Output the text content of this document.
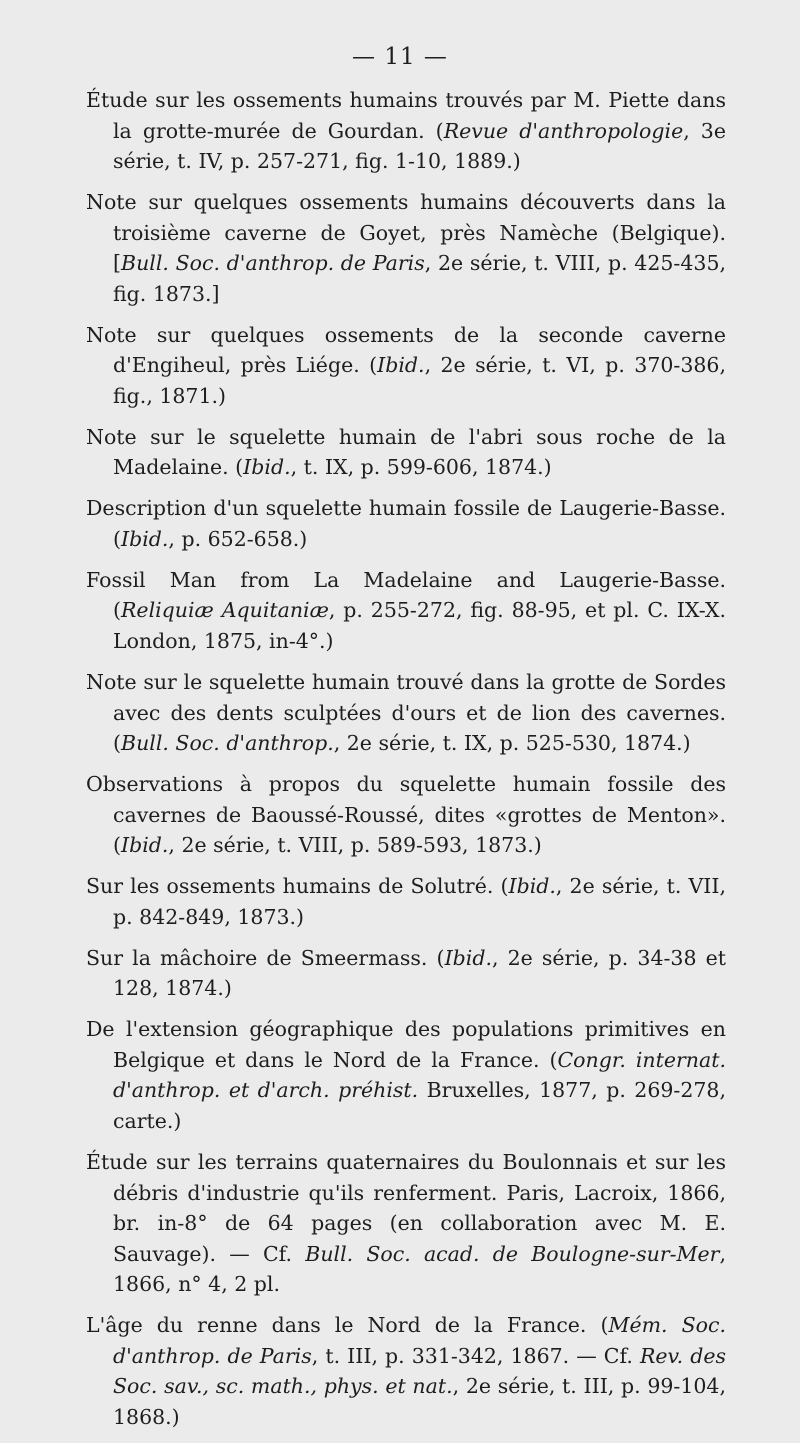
— 11 —

Étude sur les ossements humains trouvés par M. Piette dans la grotte-murée de Gourdan. (Revue d'anthropologie, 3e série, t. IV, p. 257-271, fig. 1-10, 1889.)

Note sur quelques ossements humains découverts dans la troisième caverne de Goyet, près Namèche (Belgique). [Bull. Soc. d'anthrop. de Paris, 2e série, t. VIII, p. 425-435, fig. 1873.]

Note sur quelques ossements de la seconde caverne d'Engiheul, près Liége. (Ibid., 2e série, t. VI, p. 370-386, fig., 1871.)

Note sur le squelette humain de l'abri sous roche de la Madelaine. (Ibid., t. IX, p. 599-606, 1874.)

Description d'un squelette humain fossile de Laugerie-Basse. (Ibid., p. 652-658.)

Fossil Man from La Madelaine and Laugerie-Basse. (Reliquiæ Aquitaniæ, p. 255-272, fig. 88-95, et pl. C. IX-X. London, 1875, in-4°.)

Note sur le squelette humain trouvé dans la grotte de Sordes avec des dents sculptées d'ours et de lion des cavernes. (Bull. Soc. d'anthrop., 2e série, t. IX, p. 525-530, 1874.)

Observations à propos du squelette humain fossile des cavernes de Baoussé-Roussé, dites «grottes de Menton». (Ibid., 2e série, t. VIII, p. 589-593, 1873.)

Sur les ossements humains de Solutré. (Ibid., 2e série, t. VII, p. 842-849, 1873.)

Sur la mâchoire de Smeermass. (Ibid., 2e série, p. 34-38 et 128, 1874.)

De l'extension géographique des populations primitives en Belgique et dans le Nord de la France. (Congr. internat. d'anthrop. et d'arch. préhist. Bruxelles, 1877, p. 269-278, carte.)

Étude sur les terrains quaternaires du Boulonnais et sur les débris d'industrie qu'ils renferment. Paris, Lacroix, 1866, br. in-8° de 64 pages (en collaboration avec M. E. Sauvage). — Cf. Bull. Soc. acad. de Boulogne-sur-Mer, 1866, n° 4, 2 pl.

L'âge du renne dans le Nord de la France. (Mém. Soc. d'anthrop. de Paris, t. III, p. 331-342, 1867. — Cf. Rev. des Soc. sav., sc. math., phys. et nat., 2e série, t. III, p. 99-104, 1868.)
